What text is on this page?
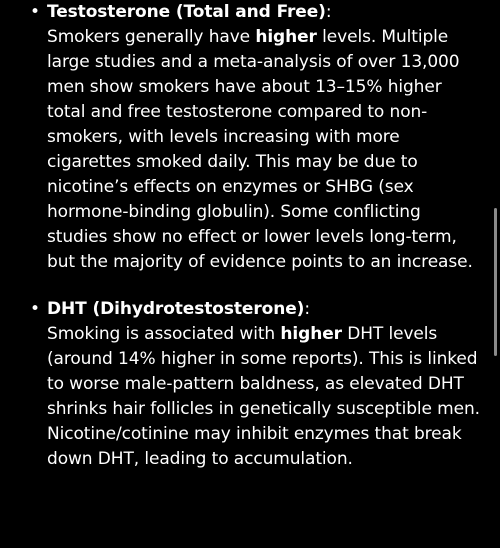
• Testosterone (Total and Free):
Smokers generally have higher levels. Multiple large studies and a meta-analysis of over 13,000 men show smokers have about 13–15% higher total and free testosterone compared to non-smokers, with levels increasing with more cigarettes smoked daily. This may be due to nicotine’s effects on enzymes or SHBG (sex hormone-binding globulin). Some conflicting studies show no effect or lower levels long-term, but the majority of evidence points to an increase.
• DHT (Dihydrotestosterone):
Smoking is associated with higher DHT levels (around 14% higher in some reports). This is linked to worse male-pattern baldness, as elevated DHT shrinks hair follicles in genetically susceptible men. Nicotine/cotinine may inhibit enzymes that break down DHT, leading to accumulation.
